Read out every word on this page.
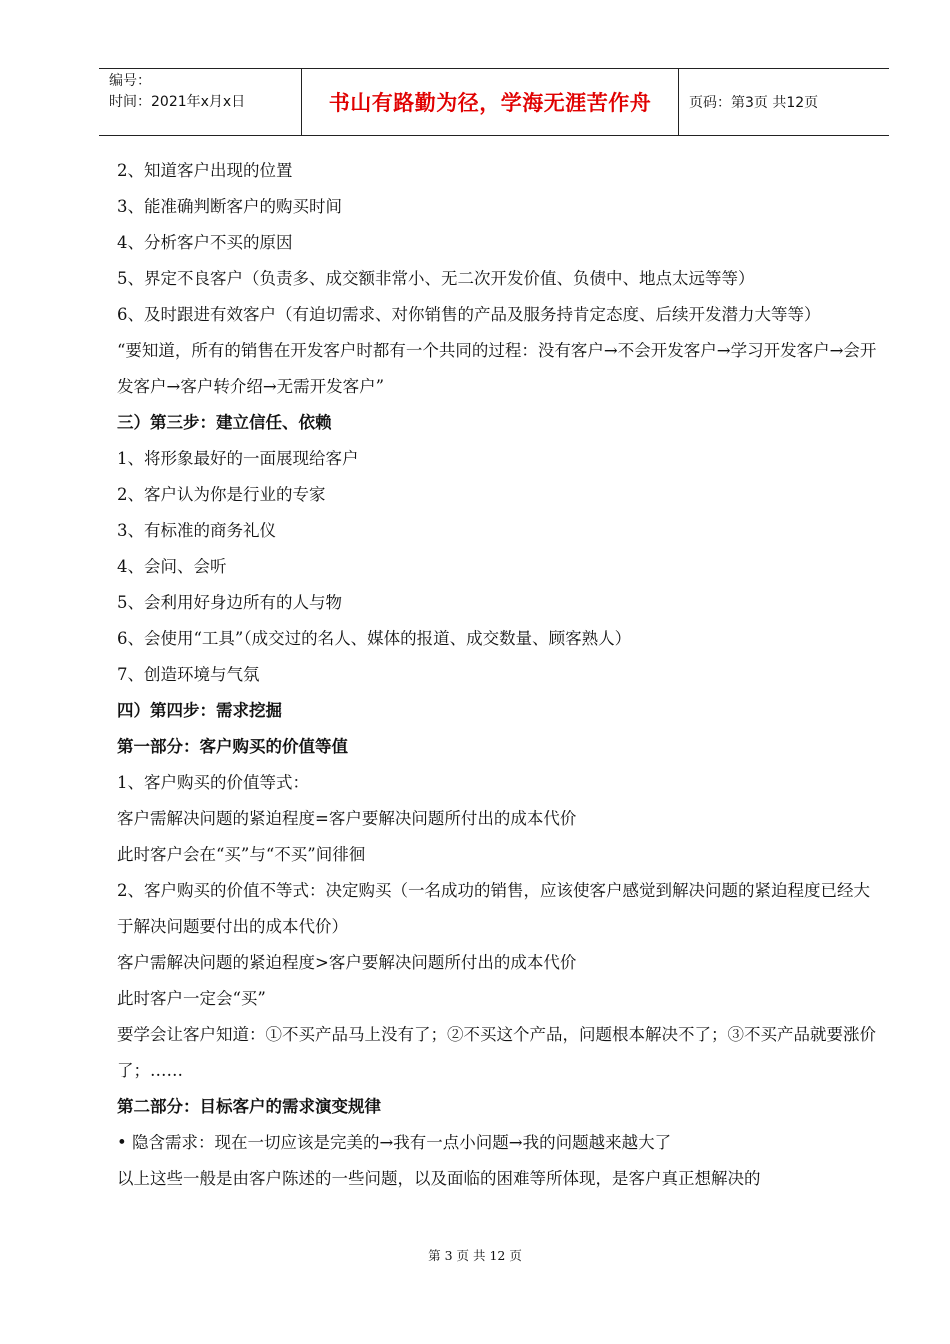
编号：
时间：2021年x月x日	书山有路勤为径，学海无涯苦作舟	页码：第3页 共12页

2、知道客户出现的位置

3、能准确判断客户的购买时间

4、分析客户不买的原因

5、界定不良客户（负责多、成交额非常小、无二次开发价值、负债中、地点太远等等）

6、及时跟进有效客户（有迫切需求、对你销售的产品及服务持肯定态度、后续开发潜力大等等）

“要知道，所有的销售在开发客户时都有一个共同的过程：没有客户→不会开发客户→学习开发客户→会开发客户→客户转介绍→无需开发客户”

三）第三步：建立信任、依赖

1、将形象最好的一面展现给客户

2、客户认为你是行业的专家

3、有标准的商务礼仪

4、会问、会听

5、会利用好身边所有的人与物

6、会使用“工具”（成交过的名人、媒体的报道、成交数量、顾客熟人）

7、创造环境与气氛

四）第四步：需求挖掘

第一部分：客户购买的价值等值

1、客户购买的价值等式：

客户需解决问题的紧迫程度=客户要解决问题所付出的成本代价

此时客户会在“买”与“不买”间徘徊

2、客户购买的价值不等式：决定购买（一名成功的销售，应该使客户感觉到解决问题的紧迫程度已经大于解决问题要付出的成本代价）

客户需解决问题的紧迫程度>客户要解决问题所付出的成本代价

此时客户一定会“买”

要学会让客户知道：①不买产品马上没有了；②不买这个产品，问题根本解决不了；③不买产品就要涨价了；……

第二部分：目标客户的需求演变规律

• 隐含需求：现在一切应该是完美的→我有一点小问题→我的问题越来越大了

以上这些一般是由客户陈述的一些问题，以及面临的困难等所体现，是客户真正想解决的

第 3 页 共 12 页
